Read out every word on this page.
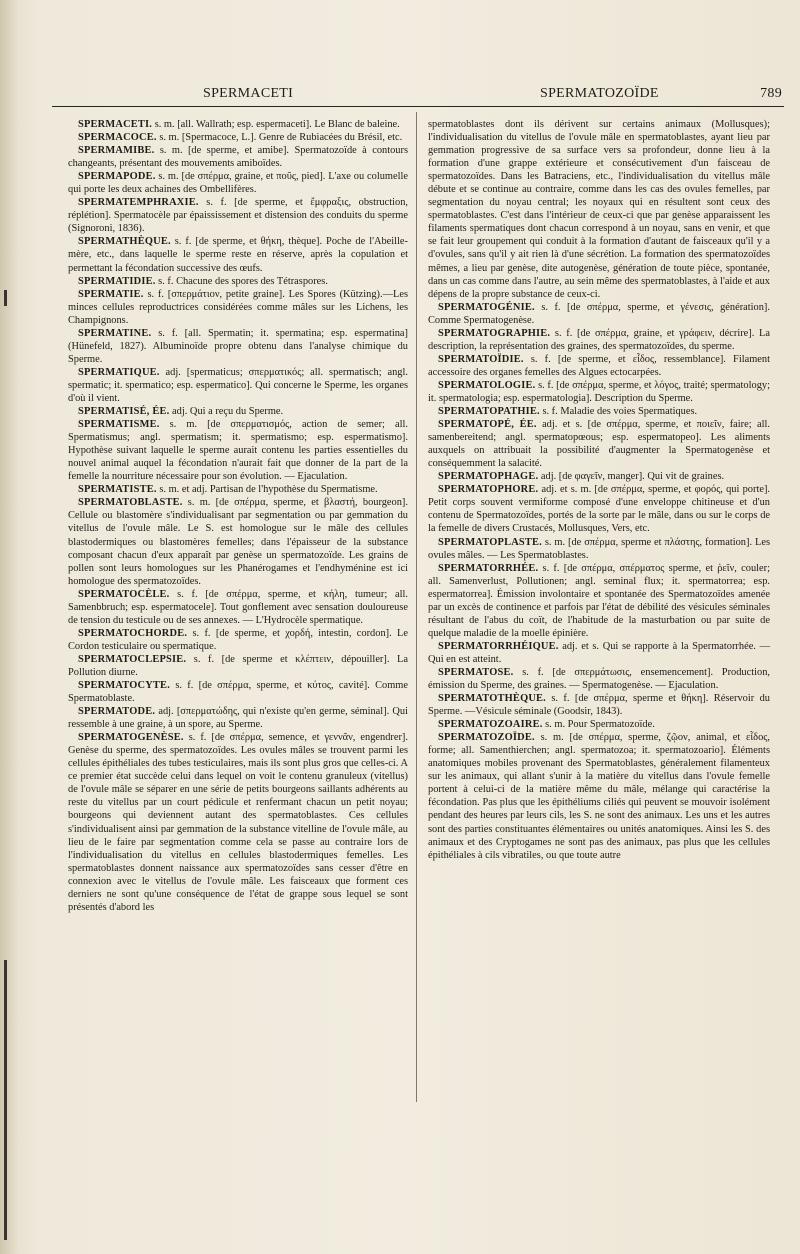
SPERMACETI	SPERMATOZOÏDE	789

SPERMACETI. s. m. [all. Wallrath; esp. espermaceti]. Le Blanc de baleine.

SPERMACOCE. s. m. [Spermacoce, L.]. Genre de Rubiacées du Brésil, etc.

SPERMAMIBE. s. m. [de sperme, et amibe]. Spermatozoïde à contours changeants, présentant des mouvements amiboïdes.

SPERMAPODE. s. m. [de σπέρμα, graine, et ποῦς, pied]. L'axe ou columelle qui porte les deux achaines des Ombellifères.

SPERMATEMPHRAXIE. s. f. [de sperme, et ἔμφραξις, obstruction, réplétion]. Spermatocèle par épaississement et distension des conduits du sperme (Signoroni, 1836).

SPERMATHÈQUE. s. f. [de sperme, et θήκη, thèque]. Poche de l'Abeille-mère, etc., dans laquelle le sperme reste en réserve, après la copulation et permettant la fécondation successive des œufs.

SPERMATIDIE. s. f. Chacune des spores des Tétraspores.

SPERMATIE. s. f. [σπερμάτιον, petite graine]. Les Spores (Kützing).—Les minces cellules reproductrices considérées comme mâles sur les Lichens, les Champignons.

SPERMATINE. s. f. [all. Spermatin; it. spermatina; esp. espermatina] (Hünefeld, 1827). Albuminoïde propre obtenu dans l'analyse chimique du Sperme.

SPERMATIQUE. adj. [spermaticus; σπερματικός; all. spermatisch; angl. spermatic; it. spermatico; esp. espermatico]. Qui concerne le Sperme, les organes d'où il vient.

SPERMATISÉ, ÉE. adj. Qui a reçu du Sperme.

SPERMATISME. s. m. [de σπερματισμός, action de semer; all. Spermatismus; angl. spermatism; it. spermatismo; esp. espermatismo]. Hypothèse suivant laquelle le sperme aurait contenu les parties essentielles du nouvel animal auquel la fécondation n'aurait fait que donner de la part de la femelle la nourriture nécessaire pour son évolution. — Ejaculation.

SPERMATISTE. s. m. et adj. Partisan de l'hypothèse du Spermatisme.

SPERMATOBLASTE. s. m. [de σπέρμα, sperme, et βλαστή, bourgeon]. Cellule ou blastomère s'individualisant par segmentation ou par gemmation du vitellus de l'ovule mâle. Le S. est homologue sur le mâle des cellules blastodermiques ou blastomères femelles; dans l'épaisseur de la substance composant chacun d'eux apparaît par genèse un spermatozoïde. Les grains de pollen sont leurs homologues sur les Phanérogames et l'endhyménine est ici homologue des spermatozoïdes.

SPERMATOCÈLE. s. f. [de σπέρμα, sperme, et κήλη, tumeur; all. Samenbbruch; esp. espermatocele]. Tout gonflement avec sensation douloureuse de tension du testicule ou de ses annexes. — L'Hydrocèle spermatique.

SPERMATOCHORDE. s. f. [de sperme, et χορδή, intestin, cordon]. Le Cordon testiculaire ou spermatique.

SPERMATOCLEPSIE. s. f. [de sperme et κλέπτειν, dépouiller]. La Pollution diurne.

SPERMATOCYTE. s. f. [de σπέρμα, sperme, et κύτος, cavité]. Comme Spermatoblaste.

SPERMATODE. adj. [σπερματώδης, qui n'existe qu'en germe, séminal]. Qui ressemble à une graine, à un spore, au Sperme.

SPERMATOGENÈSE. s. f. [de σπέρμα, semence, et γεννᾶν, engendrer]. Genèse du sperme, des spermatozoïdes. Les ovules mâles se trouvent parmi les cellules épithéliales des tubes testiculaires, mais ils sont plus gros que celles-ci. A ce premier état succède celui dans lequel on voit le contenu granuleux (vitellus) de l'ovule mâle se séparer en une série de petits bourgeons saillants adhérents au reste du vitellus par un court pédicule et renfermant chacun un petit noyau; bourgeons qui deviennent autant des spermatoblastes. Ces cellules s'individualisent ainsi par gemmation de la substance vitelline de l'ovule mâle, au lieu de le faire par segmentation comme cela se passe au contraire lors de l'individualisation du vitellus en cellules blastodermiques femelles. Les spermatoblastes donnent naissance aux spermatozoïdes sans cesser d'être en connexion avec le vitellus de l'ovule mâle. Les faisceaux que forment ces derniers ne sont qu'une conséquence de l'état de grappe sous lequel se sont présentés d'abord les

spermatoblastes dont ils dérivent sur certains animaux (Mollusques); l'individualisation du vitellus de l'ovule mâle en spermatoblastes, ayant lieu par gemmation progressive de sa surface vers sa profondeur, donne lieu à la formation d'une grappe extérieure et consécutivement d'un faisceau de spermatozoïdes. Dans les Batraciens, etc., l'individualisation du vitellus mâle débute et se continue au contraire, comme dans les cas des ovules femelles, par segmentation du noyau central; les noyaux qui en résultent sont ceux des spermatoblastes. C'est dans l'intérieur de ceux-ci que par genèse apparaissent les filaments spermatiques dont chacun correspond à un noyau, sans en venir, et que se fait leur groupement qui conduit à la formation d'autant de faisceaux qu'il y a d'ovules, sans qu'il y ait rien là d'une sécrétion. La formation des spermatozoïdes mêmes, a lieu par genèse, dite autogenèse, génération de toute pièce, spontanée, dans un cas comme dans l'autre, au sein même des spermatoblastes, à l'aide et aux dépens de la propre substance de ceux-ci.

SPERMATOGÉNIE. s. f. [de σπέρμα, sperme, et γένεσις, génération]. Comme Spermatogenèse.

SPERMATOGRAPHIE. s. f. [de σπέρμα, graine, et γράφειν, décrire]. La description, la représentation des graines, des spermatozoïdes, du sperme.

SPERMATOÏDIE. s. f. [de sperme, et εἶδος, ressemblance]. Filament accessoire des organes femelles des Algues ectocarpées.

SPERMATOLOGIE. s. f. [de σπέρμα, sperme, et λόγος, traité; spermatology; it. spermatologia; esp. espermatologia]. Description du Sperme.

SPERMATOPATHIE. s. f. Maladie des voies Spermatiques.

SPERMATOPÉ, ÉE. adj. et s. [de σπέρμα, sperme, et ποιεῖν, faire; all. samenbereitend; angl. spermatopœous; esp. espermatopeo]. Les aliments auxquels on attribuait la possibilité d'augmenter la Spermatogenèse et conséquemment la salacité.

SPERMATOPHAGE. adj. [de φαγεῖν, manger]. Qui vit de graines.

SPERMATOPHORE. adj. et s. m. [de σπέρμα, sperme, et φορός, qui porte]. Petit corps souvent vermiforme composé d'une enveloppe chitineuse et d'un contenu de Spermatozoïdes, portés de la sorte par le mâle, dans ou sur le corps de la femelle de divers Crustacés, Mollusques, Vers, etc.

SPERMATOPLASTE. s. m. [de σπέρμα, sperme et πλάστης, formation]. Les ovules mâles. — Les Spermatoblastes.

SPERMATORRHÉE. s. f. [de σπέρμα, σπέρματος sperme, et ῥεῖν, couler; all. Samenverlust, Pollutionen; angl. seminal flux; it. spermatorrea; esp. espermatorrea]. Émission involontaire et spontanée des Spermatozoïdes amenée par un excès de continence et parfois par l'état de débilité des vésicules séminales résultant de l'abus du coït, de l'habitude de la masturbation ou par suite de quelque maladie de la moelle épinière.

SPERMATORRHÉIQUE. adj. et s. Qui se rapporte à la Spermatorrhée. — Qui en est atteint.

SPERMATOSE. s. f. [de σπερμάτωσις, ensemencement]. Production, émission du Sperme, des graines. — Spermatogenèse. — Ejaculation.

SPERMATOTHÈQUE. s. f. [de σπέρμα, sperme et θήκη]. Réservoir du Sperme. —Vésicule séminale (Goodsir, 1843).

SPERMATOZOAIRE. s. m. Pour Spermatozoïde.

SPERMATOZOÏDE. s. m. [de σπέρμα, sperme, ζῷον, animal, et εἶδος, forme; all. Samenthierchen; angl. spermatozoa; it. spermatozoario]. Éléments anatomiques mobiles provenant des Spermatoblastes, généralement filamenteux sur les animaux, qui allant s'unir à la matière du vitellus dans l'ovule femelle portent à celui-ci de la matière même du mâle, mélange qui caractérise la fécondation. Pas plus que les épithéliums ciliés qui peuvent se mouvoir isolément pendant des heures par leurs cils, les S. ne sont des animaux. Les uns et les autres sont des parties constituantes élémentaires ou unités anatomiques. Ainsi les S. des animaux et des Cryptogames ne sont pas des animaux, pas plus que les cellules épithéliales à cils vibratiles, ou que toute autre
